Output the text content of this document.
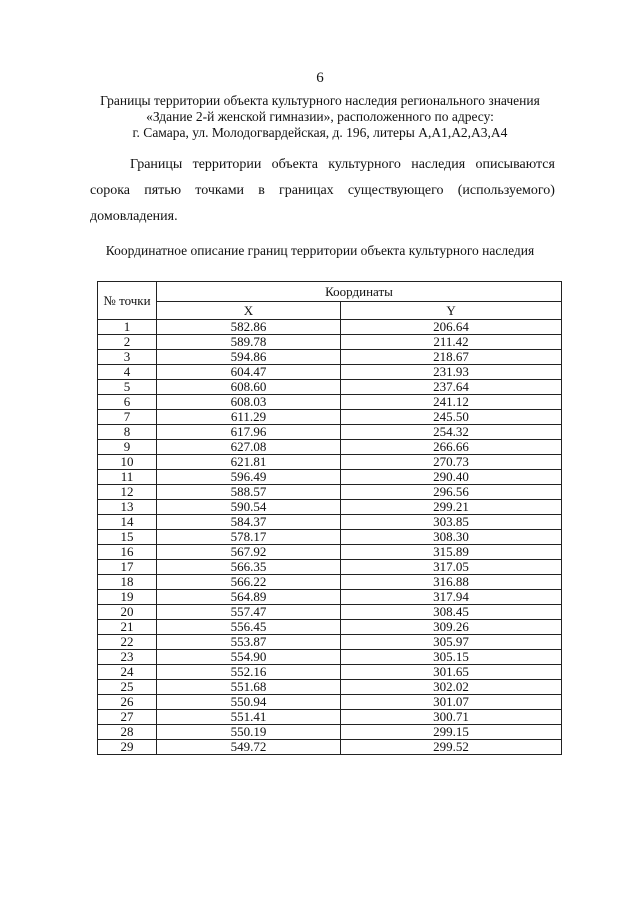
6
Границы территории объекта культурного наследия регионального значения
«Здание 2-й женской гимназии», расположенного по адресу:
г. Самара, ул. Молодогвардейская, д. 196, литеры А,А1,А2,А3,А4
Границы территории объекта культурного наследия описываются
сорока пятью точками в границах существующего (используемого)
домовладения.
Координатное описание границ территории объекта культурного наследия
№ точки	Координаты	
	X	Y
1	582.86	206.64
2	589.78	211.42
3	594.86	218.67
4	604.47	231.93
5	608.60	237.64
6	608.03	241.12
7	611.29	245.50
8	617.96	254.32
9	627.08	266.66
10	621.81	270.73
11	596.49	290.40
12	588.57	296.56
13	590.54	299.21
14	584.37	303.85
15	578.17	308.30
16	567.92	315.89
17	566.35	317.05
18	566.22	316.88
19	564.89	317.94
20	557.47	308.45
21	556.45	309.26
22	553.87	305.97
23	554.90	305.15
24	552.16	301.65
25	551.68	302.02
26	550.94	301.07
27	551.41	300.71
28	550.19	299.15
29	549.72	299.52
